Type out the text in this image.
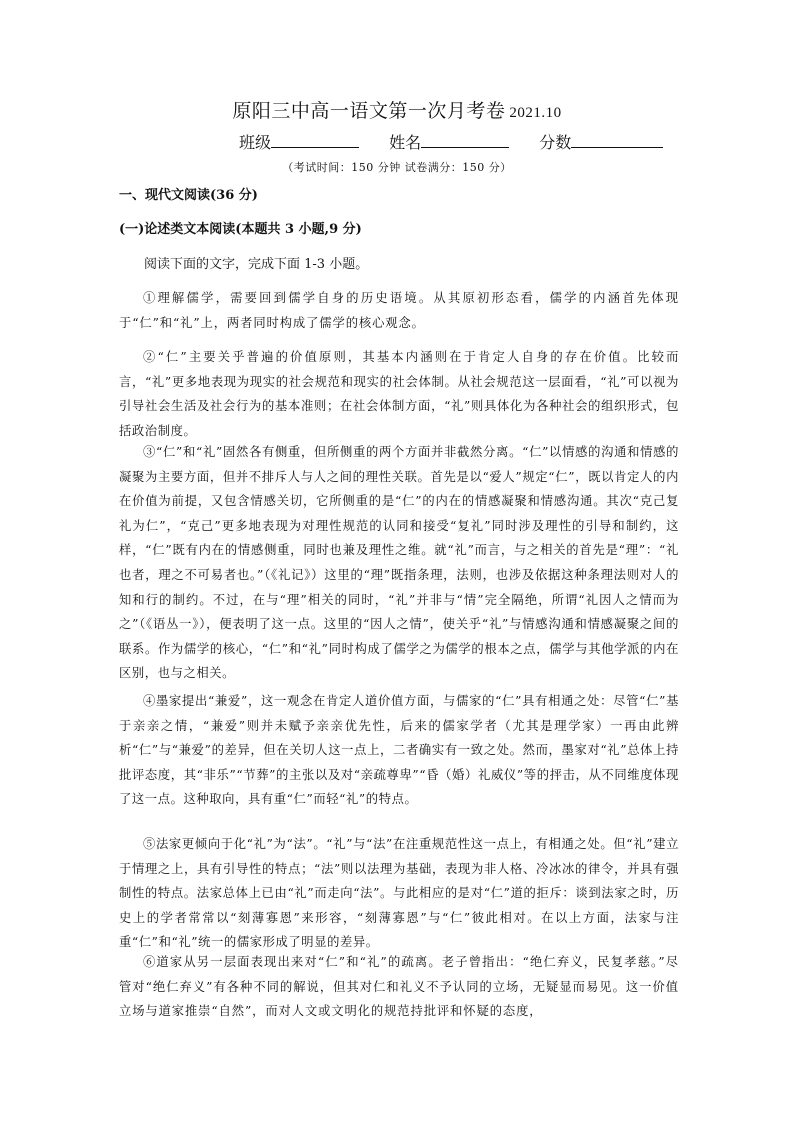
原阳三中高一语文第一次月考卷 2021.10
班级	姓名	分数
（考试时间：150 分钟 试卷满分：150 分）
一、现代文阅读(36 分)
(一)论述类文本阅读(本题共 3 小题,9 分)
阅读下面的文字，完成下面 1-3 小题。
①理解儒学，需要回到儒学自身的历史语境。从其原初形态看，儒学的内涵首先体现于“仁”和“礼”上，两者同时构成了儒学的核心观念。
②“仁”主要关乎普遍的价值原则，其基本内涵则在于肯定人自身的存在价值。比较而言，“礼”更多地表现为现实的社会规范和现实的社会体制。从社会规范这一层面看，“礼”可以视为引导社会生活及社会行为的基本准则；在社会体制方面，“礼”则具体化为各种社会的组织形式，包括政治制度。
③“仁”和“礼”固然各有侧重，但所侧重的两个方面并非截然分离。“仁”以情感的沟通和情感的凝聚为主要方面，但并不排斥人与人之间的理性关联。首先是以“爱人”规定“仁”，既以肯定人的内在价值为前提，又包含情感关切，它所侧重的是“仁”的内在的情感凝聚和情感沟通。其次“克己复礼为仁”，“克己”更多地表现为对理性规范的认同和接受“复礼”同时涉及理性的引导和制约，这样，“仁”既有内在的情感侧重，同时也兼及理性之维。就“礼”而言，与之相关的首先是“理”：“礼也者，理之不可易者也。”（《礼记》）这里的“理”既指条理，法则，也涉及依据这种条理法则对人的知和行的制约。不过，在与“理”相关的同时，“礼”并非与“情”完全隔绝，所谓“礼因人之情而为之”（《语丛一》），便表明了这一点。这里的“因人之情”，使关乎“礼”与情感沟通和情感凝聚之间的联系。作为儒学的核心，“仁”和“礼”同时构成了儒学之为儒学的根本之点，儒学与其他学派的内在区别，也与之相关。
④墨家提出“兼爱”，这一观念在肯定人道价值方面，与儒家的“仁”具有相通之处：尽管“仁”基于亲亲之情，“兼爱”则并未赋予亲亲优先性，后来的儒家学者（尤其是理学家）一再由此辨析“仁”与“兼爱”的差异，但在关切人这一点上，二者确实有一致之处。然而，墨家对“礼”总体上持批评态度，其“非乐”“节葬”的主张以及对“亲疏尊卑”“昏（婚）礼威仪”等的抨击，从不同维度体现了这一点。这种取向，具有重“仁”而轻“礼”的特点。
⑤法家更倾向于化“礼”为“法”。“礼”与“法”在注重规范性这一点上，有相通之处。但“礼”建立于情理之上，具有引导性的特点；“法”则以法理为基础，表现为非人格、冷冰冰的律令，并具有强制性的特点。法家总体上已由“礼”而走向“法”。与此相应的是对“仁”道的拒斥：谈到法家之时，历史上的学者常常以“刻薄寡恩”来形容，“刻薄寡恩”与“仁”彼此相对。在以上方面，法家与注重“仁”和“礼”统一的儒家形成了明显的差异。
⑥道家从另一层面表现出来对“仁”和“礼”的疏离。老子曾指出：“绝仁弃义，民复孝慈。”尽管对“绝仁弃义”有各种不同的解说，但其对仁和礼义不予认同的立场，无疑显而易见。这一价值立场与道家推崇“自然”，而对人文或文明化的规范持批评和怀疑的态度，
